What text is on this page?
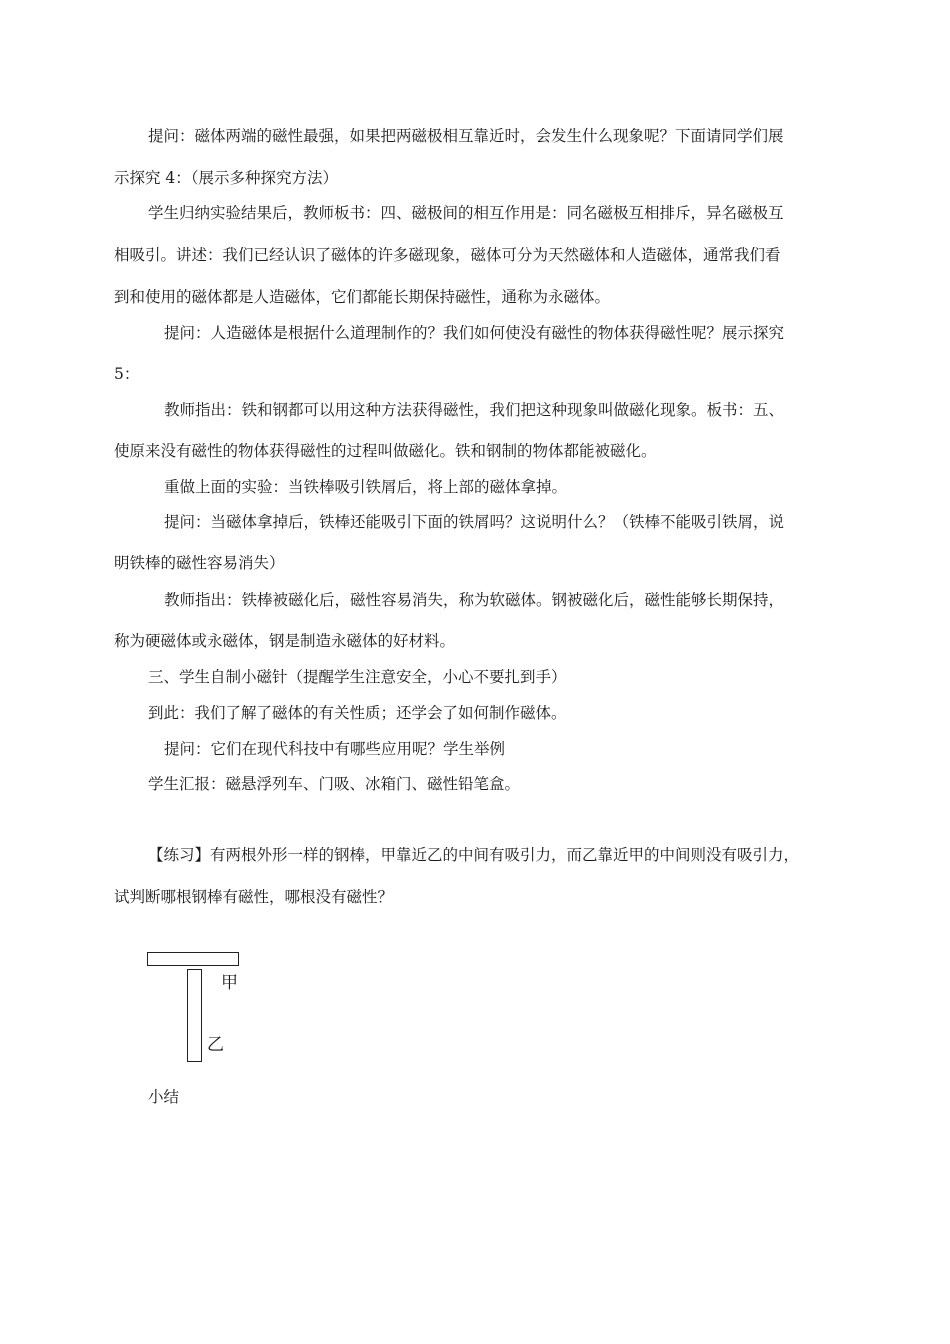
提问：磁体两端的磁性最强，如果把两磁极相互靠近时，会发生什么现象呢？下面请同学们展
示探究 4：（展示多种探究方法）
学生归纳实验结果后，教师板书：四、磁极间的相互作用是：同名磁极互相排斥，异名磁极互
相吸引。讲述：我们已经认识了磁体的许多磁现象，磁体可分为天然磁体和人造磁体，通常我们看
到和使用的磁体都是人造磁体，它们都能长期保持磁性，通称为永磁体。
提问：人造磁体是根据什么道理制作的？我们如何使没有磁性的物体获得磁性呢？展示探究
5：
教师指出：铁和钢都可以用这种方法获得磁性，我们把这种现象叫做磁化现象。板书：五、
使原来没有磁性的物体获得磁性的过程叫做磁化。铁和钢制的物体都能被磁化。
重做上面的实验：当铁棒吸引铁屑后，将上部的磁体拿掉。
提问：当磁体拿掉后，铁棒还能吸引下面的铁屑吗？这说明什么？（铁棒不能吸引铁屑，说
明铁棒的磁性容易消失）
教师指出：铁棒被磁化后，磁性容易消失，称为软磁体。钢被磁化后，磁性能够长期保持，
称为硬磁体或永磁体，钢是制造永磁体的好材料。
三、学生自制小磁针（提醒学生注意安全，小心不要扎到手）
到此：我们了解了磁体的有关性质；还学会了如何制作磁体。
提问：它们在现代科技中有哪些应用呢？学生举例
学生汇报：磁悬浮列车、门吸、冰箱门、磁性铅笔盒。
【练习】有两根外形一样的钢棒，甲靠近乙的中间有吸引力，而乙靠近甲的中间则没有吸引力，
试判断哪根钢棒有磁性，哪根没有磁性？
甲
乙
小结
